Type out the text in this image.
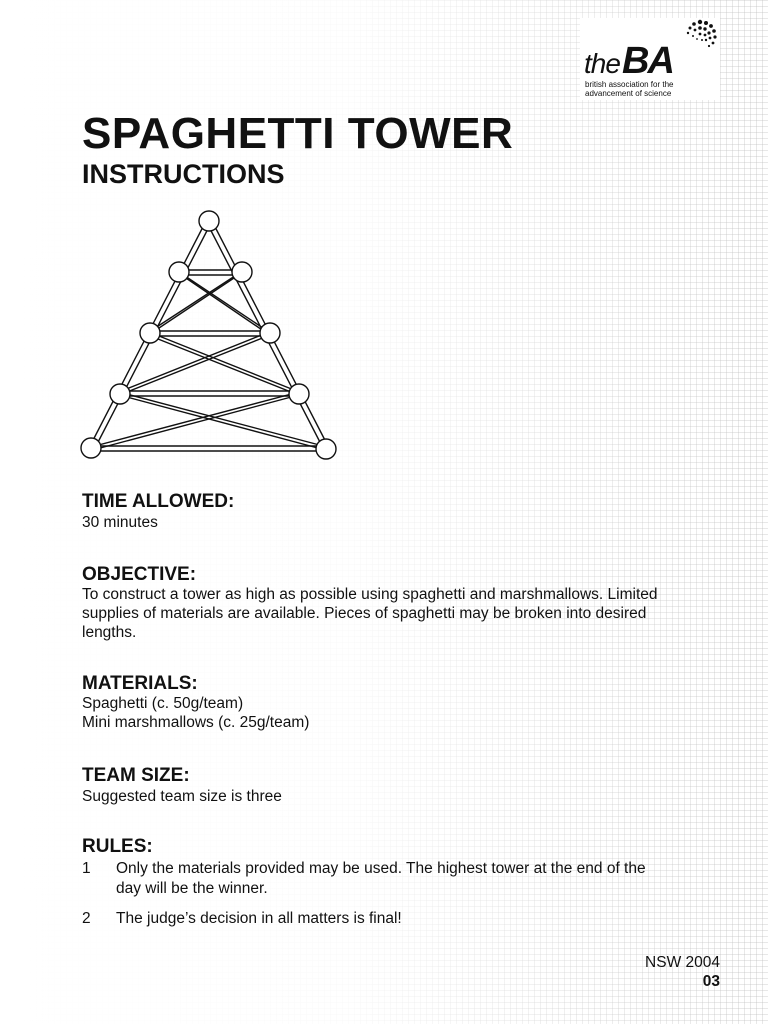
the BA
british association for the
advancement of science
SPAGHETTI TOWER
INSTRUCTIONS
TIME ALLOWED:
30 minutes
OBJECTIVE:
To construct a tower as high as possible using spaghetti and marshmallows. Limited
supplies of materials are available. Pieces of spaghetti may be broken into desired
lengths.
MATERIALS:
Spaghetti (c. 50g/team)
Mini marshmallows (c. 25g/team)
TEAM SIZE:
Suggested team size is three
RULES:
1 Only the materials provided may be used. The highest tower at the end of the
day will be the winner.
2 The judge’s decision in all matters is final!
NSW 2004
03
